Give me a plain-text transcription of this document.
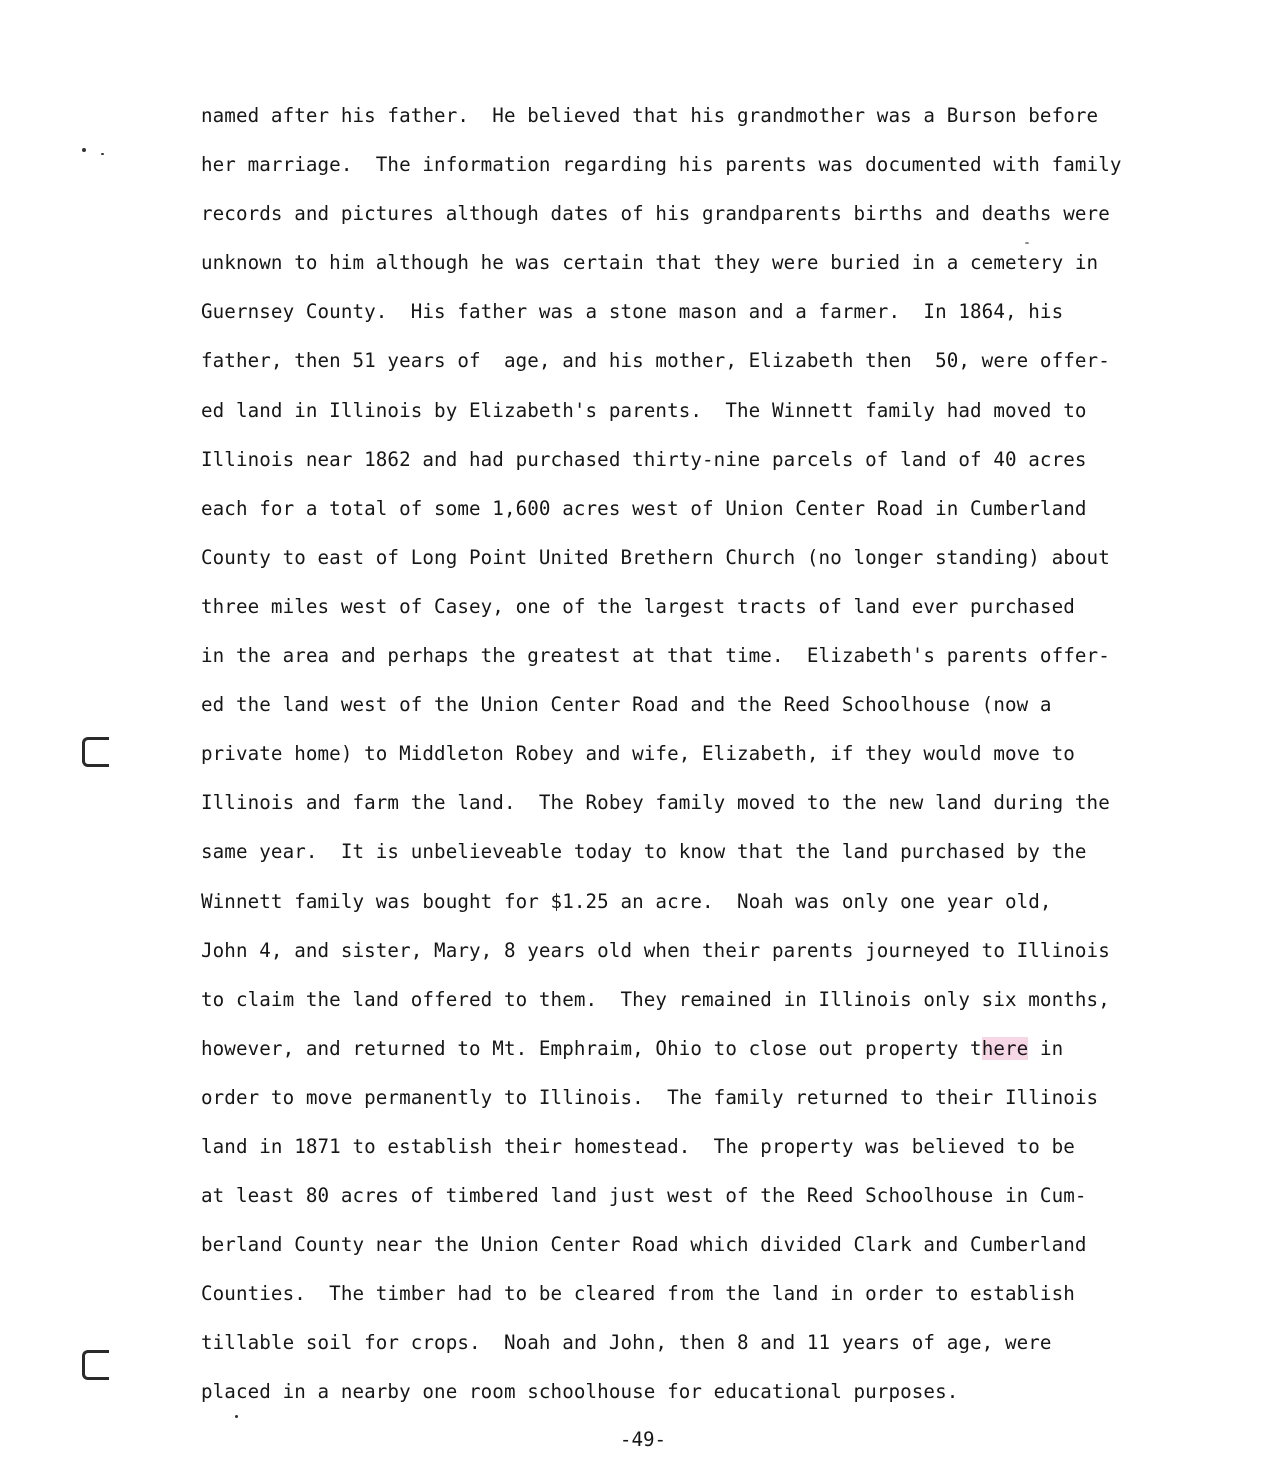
named after his father.  He believed that his grandmother was a Burson before
her marriage.  The information regarding his parents was documented with family
records and pictures although dates of his grandparents births and deaths were
unknown to him although he was certain that they were buried in a cemetery in
Guernsey County.  His father was a stone mason and a farmer.  In 1864, his
father, then 51 years of  age, and his mother, Elizabeth then  50, were offer-
ed land in Illinois by Elizabeth's parents.  The Winnett family had moved to
Illinois near 1862 and had purchased thirty-nine parcels of land of 40 acres
each for a total of some 1,600 acres west of Union Center Road in Cumberland
County to east of Long Point United Brethern Church (no longer standing) about
three miles west of Casey, one of the largest tracts of land ever purchased
in the area and perhaps the greatest at that time.  Elizabeth's parents offer-
ed the land west of the Union Center Road and the Reed Schoolhouse (now a
private home) to Middleton Robey and wife, Elizabeth, if they would move to
Illinois and farm the land.  The Robey family moved to the new land during the
same year.  It is unbelieveable today to know that the land purchased by the
Winnett family was bought for $1.25 an acre.  Noah was only one year old,
John 4, and sister, Mary, 8 years old when their parents journeyed to Illinois
to claim the land offered to them.  They remained in Illinois only six months,
however, and returned to Mt. Emphraim, Ohio to close out property there in
order to move permanently to Illinois.  The family returned to their Illinois
land in 1871 to establish their homestead.  The property was believed to be
at least 80 acres of timbered land just west of the Reed Schoolhouse in Cum-
berland County near the Union Center Road which divided Clark and Cumberland
Counties.  The timber had to be cleared from the land in order to establish
tillable soil for crops.  Noah and John, then 8 and 11 years of age, were
placed in a nearby one room schoolhouse for educational purposes.
-49-
